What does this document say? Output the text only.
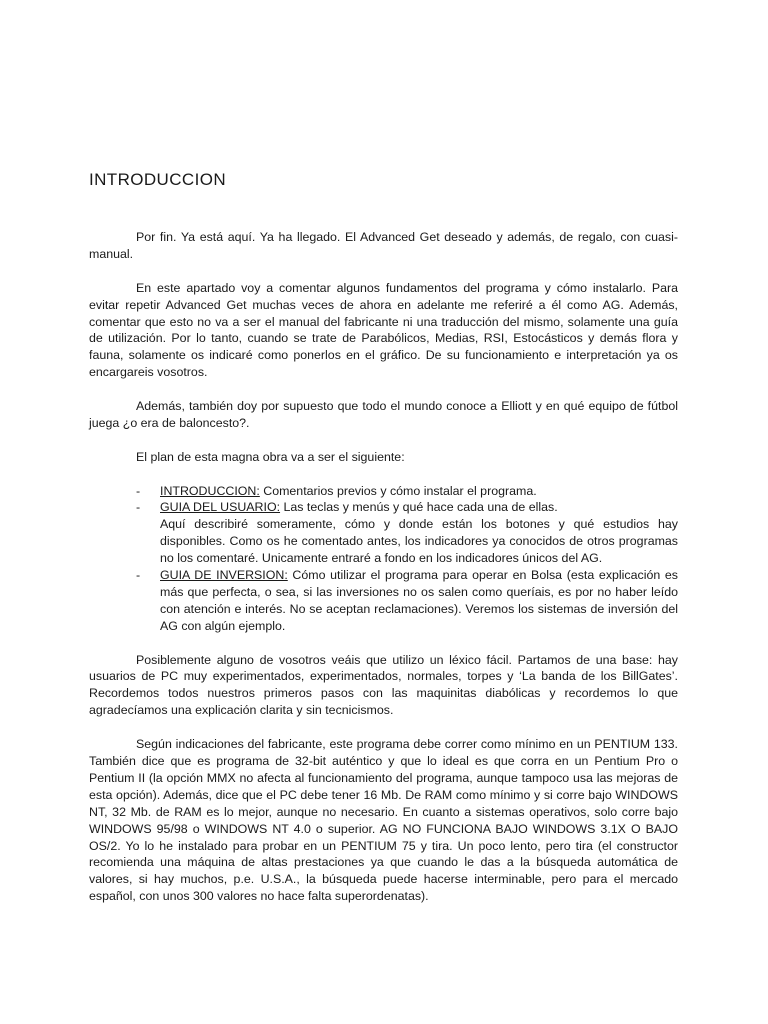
INTRODUCCION

Por fin. Ya está aquí. Ya ha llegado. El Advanced Get deseado y además, de regalo, con cuasi-manual.

En este apartado voy a comentar algunos fundamentos del programa y cómo instalarlo. Para evitar repetir Advanced Get muchas veces de ahora en adelante me referiré a él como AG. Además, comentar que esto no va a ser el manual del fabricante ni una traducción del mismo, solamente una guía de utilización. Por lo tanto, cuando se trate de Parabólicos, Medias, RSI, Estocásticos y demás flora y fauna, solamente os indicaré como ponerlos en el gráfico. De su funcionamiento e interpretación ya os encargareis vosotros.

Además, también doy por supuesto que todo el mundo conoce a Elliott y en qué equipo de fútbol juega ¿o era de baloncesto?.

El plan de esta magna obra va a ser el siguiente:

- INTRODUCCION: Comentarios previos y cómo instalar el programa.
- GUIA DEL USUARIO: Las teclas y menús y qué hace cada una de ellas.
Aquí describiré someramente, cómo y donde están los botones y qué estudios hay disponibles. Como os he comentado antes, los indicadores ya conocidos de otros programas no los comentaré. Unicamente entraré a fondo en los indicadores únicos del AG.
- GUIA DE INVERSION: Cómo utilizar el programa para operar en Bolsa (esta explicación es más que perfecta, o sea, si las inversiones no os salen como queríais, es por no haber leído con atención e interés. No se aceptan reclamaciones). Veremos los sistemas de inversión del AG con algún ejemplo.

Posiblemente alguno de vosotros veáis que utilizo un léxico fácil. Partamos de una base: hay usuarios de PC muy experimentados, experimentados, normales, torpes y ‘La banda de los BillGates’. Recordemos todos nuestros primeros pasos con las maquinitas diabólicas y recordemos lo que agradecíamos una explicación clarita y sin tecnicismos.

Según indicaciones del fabricante, este programa debe correr como mínimo en un PENTIUM 133. También dice que es programa de 32-bit auténtico y que lo ideal es que corra en un Pentium Pro o Pentium II (la opción MMX no afecta al funcionamiento del programa, aunque tampoco usa las mejoras de esta opción). Además, dice que el PC debe tener 16 Mb. De RAM como mínimo y si corre bajo WINDOWS NT, 32 Mb. de RAM es lo mejor, aunque no necesario. En cuanto a sistemas operativos, solo corre bajo WINDOWS 95/98 o WINDOWS NT 4.0 o superior. AG NO FUNCIONA BAJO WINDOWS 3.1X O BAJO OS/2. Yo lo he instalado para probar en un PENTIUM 75 y tira. Un poco lento, pero tira (el constructor recomienda una máquina de altas prestaciones ya que cuando le das a la búsqueda automática de valores, si hay muchos, p.e. U.S.A., la búsqueda puede hacerse interminable, pero para el mercado español, con unos 300 valores no hace falta superordenatas).
